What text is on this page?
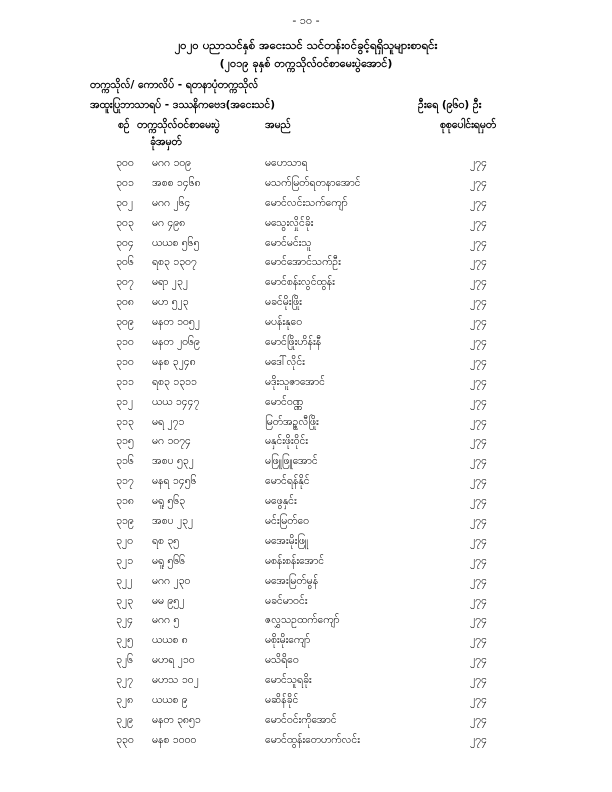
- ၁၀ -
၂၀၂၀ ပညာသင်နှစ် အငေးသင် သင်တန်းဝင်ခွင့်ရရှိသူများစာရင်း
(၂၀၁၉ ခုနှစ် တက္ကသိုလ်ဝင်စာမေးပွဲအောင်)
တက္ကသိုလ်/ ကောလိပ် - ရတနာပုံတက္ကသိုလ်
အထူးပြုဘာသာရပ် - ဒဿနိကဗေဒ(အငေးသင်)	ဦးရေ (၉၆၀) ဦး
စဉ် တက္ကသိုလ်ဝင်စာမေးပွဲ
ခုံအမှတ်
အမည်	စုစုပေါင်းရမှတ်
၃၀၀ မဂဂ ၁၀၉	မဟေသာရ	၂၇၄
၃၀၁ အစစ ၁၄၆၈	မသက်မြတ်ရတနာအောင်	၂၇၄
၃၀၂ မဂဂ ၂၆၄	မောင်လင်းသက်ကျော်	၂၇၄
၃၀၃ မဂ ၄၉၈	မသွေးလှိုင်ခိုး	၂၇၄
၃၀၄ ယယစ ၅၆၅	မောင်မင်းသူ	၂၇၄
၃၀၆ ရစ၃ ၁၃၀၇	မောင်အောင်သက်ဦး	၂၇၄
၃၀၇ မရာ ၂၃၂	မောင်စန်းလွင်ထွန်း	၂၇၄
၃၀၈ မဟ ၅၂၃	မခင်မိုးဖြိုး	၂၇၄
၃၀၉ မနတ ၁၀၅၂	မပန်းနုဝေ	၂၇၄
၃၁၀ မနတ ၂၀၆၉	မောင်ဖြိုးဟိန်းနီ	၂၇၄
၃၁၀ မနစ ၃၂၄၈	မဒေါ်လိုင်း	၂၇၄
၃၁၁ ရစ၃ ၁၃၁၁	မဒိုးသူဇာအောင်	၂၇၄
၃၁၂ ယယ ၁၄၄၇	မောင်ဝဏ္ဏ	၂၇၄
၃၁၃ မရ ၂၇၁	မြတ်အဥ္စလီဖြိုး	၂၇၄
၃၁၅ မဂ ၁၀၇၄	မနှင်းဖိုးဝိုင်း	၂၇၄
၃၁၆ အစပ ၅၃၂	မဖြူဖြူအောင်	၂၇၄
၃၁၇ မနရ ၁၄၅၆	မောင်ရန်နိုင်	၂၇၄
၃၁၈ မရူ ၅၆၃	မဖွေနှင်း	၂၇၄
၃၁၉ အစပ ၂၃၂	မင်းမြတ်ဝေ	၂၇၄
၃၂၀ ရစ ၃၅	မအေးမိုးဖြူ	၂၇၄
၃၂၁ မရူ ၅၆၆	မစန်းစန်းအောင်	၂၇၄
၃၂၂ မဂဂ ၂၃၀	မအေးမြတ်မွန်	၂၇၄
၃၂၃ မမ ၉၅၂	မခင်မာဝင်း	၂၇၄
၃၂၄ မဂဂ ၅	ဇလွှသဥထက်ကျော်	၂၇၄
၃၂၅ ယယစ ၈	မစိုးမိုးကျော်	၂၇၄
၃၂၆ မဟရ ၂၁၀	မသိရိဝေ	၂၇၄
၃၂၇ မဟသ ၁၀၂	မောင်သူရခိုး	၂၇၄
၃၂၈ ယယစ ၉	မဆိန်ခိုင်	၂၇၄
၃၂၉ မနတ ၃၈၅၁	မောင်ဝင်းကိုအောင်	၂၇၄
၃၃၀ မနစ ၁၀၀၀	မောင်ထွန်းတေဟက်လင်း	၂၇၄
